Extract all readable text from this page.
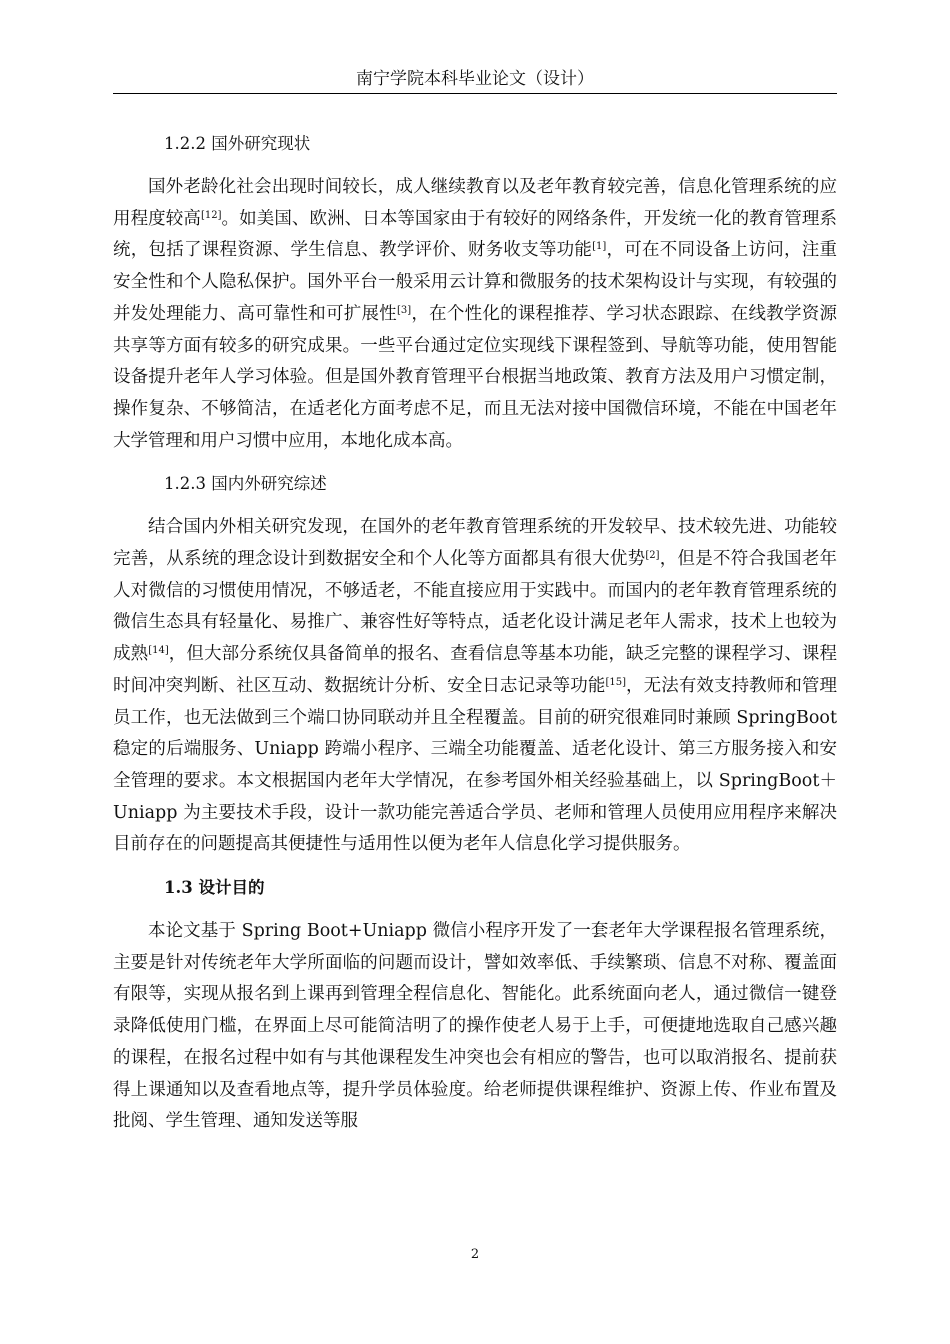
南宁学院本科毕业论文（设计）
1.2.2 国外研究现状

国外老龄化社会出现时间较长，成人继续教育以及老年教育较完善，信息化管理系统的应用程度较高[12]。如美国、欧洲、日本等国家由于有较好的网络条件，开发统一化的教育管理系统，包括了课程资源、学生信息、教学评价、财务收支等功能[1]，可在不同设备上访问，注重安全性和个人隐私保护。国外平台一般采用云计算和微服务的技术架构设计与实现，有较强的并发处理能力、高可靠性和可扩展性[3]，在个性化的课程推荐、学习状态跟踪、在线教学资源共享等方面有较多的研究成果。一些平台通过定位实现线下课程签到、导航等功能，使用智能设备提升老年人学习体验。但是国外教育管理平台根据当地政策、教育方法及用户习惯定制，操作复杂、不够简洁，在适老化方面考虑不足，而且无法对接中国微信环境，不能在中国老年大学管理和用户习惯中应用，本地化成本高。

1.2.3 国内外研究综述

结合国内外相关研究发现，在国外的老年教育管理系统的开发较早、技术较先进、功能较完善，从系统的理念设计到数据安全和个人化等方面都具有很大优势[2]，但是不符合我国老年人对微信的习惯使用情况，不够适老，不能直接应用于实践中。而国内的老年教育管理系统的微信生态具有轻量化、易推广、兼容性好等特点，适老化设计满足老年人需求，技术上也较为成熟[14]，但大部分系统仅具备简单的报名、查看信息等基本功能，缺乏完整的课程学习、课程时间冲突判断、社区互动、数据统计分析、安全日志记录等功能[15]，无法有效支持教师和管理员工作，也无法做到三个端口协同联动并且全程覆盖。目前的研究很难同时兼顾 SpringBoot 稳定的后端服务、Uniapp 跨端小程序、三端全功能覆盖、适老化设计、第三方服务接入和安全管理的要求。本文根据国内老年大学情况，在参考国外相关经验基础上，以 SpringBoot＋Uniapp 为主要技术手段，设计一款功能完善适合学员、老师和管理人员使用应用程序来解决目前存在的问题提高其便捷性与适用性以便为老年人信息化学习提供服务。

1.3 设计目的

本论文基于 Spring Boot+Uniapp 微信小程序开发了一套老年大学课程报名管理系统，主要是针对传统老年大学所面临的问题而设计，譬如效率低、手续繁琐、信息不对称、覆盖面有限等，实现从报名到上课再到管理全程信息化、智能化。此系统面向老人，通过微信一键登录降低使用门槛，在界面上尽可能简洁明了的操作使老人易于上手，可便捷地选取自己感兴趣的课程，在报名过程中如有与其他课程发生冲突也会有相应的警告，也可以取消报名、提前获得上课通知以及查看地点等，提升学员体验度。给老师提供课程维护、资源上传、作业布置及批阅、学生管理、通知发送等服

2
